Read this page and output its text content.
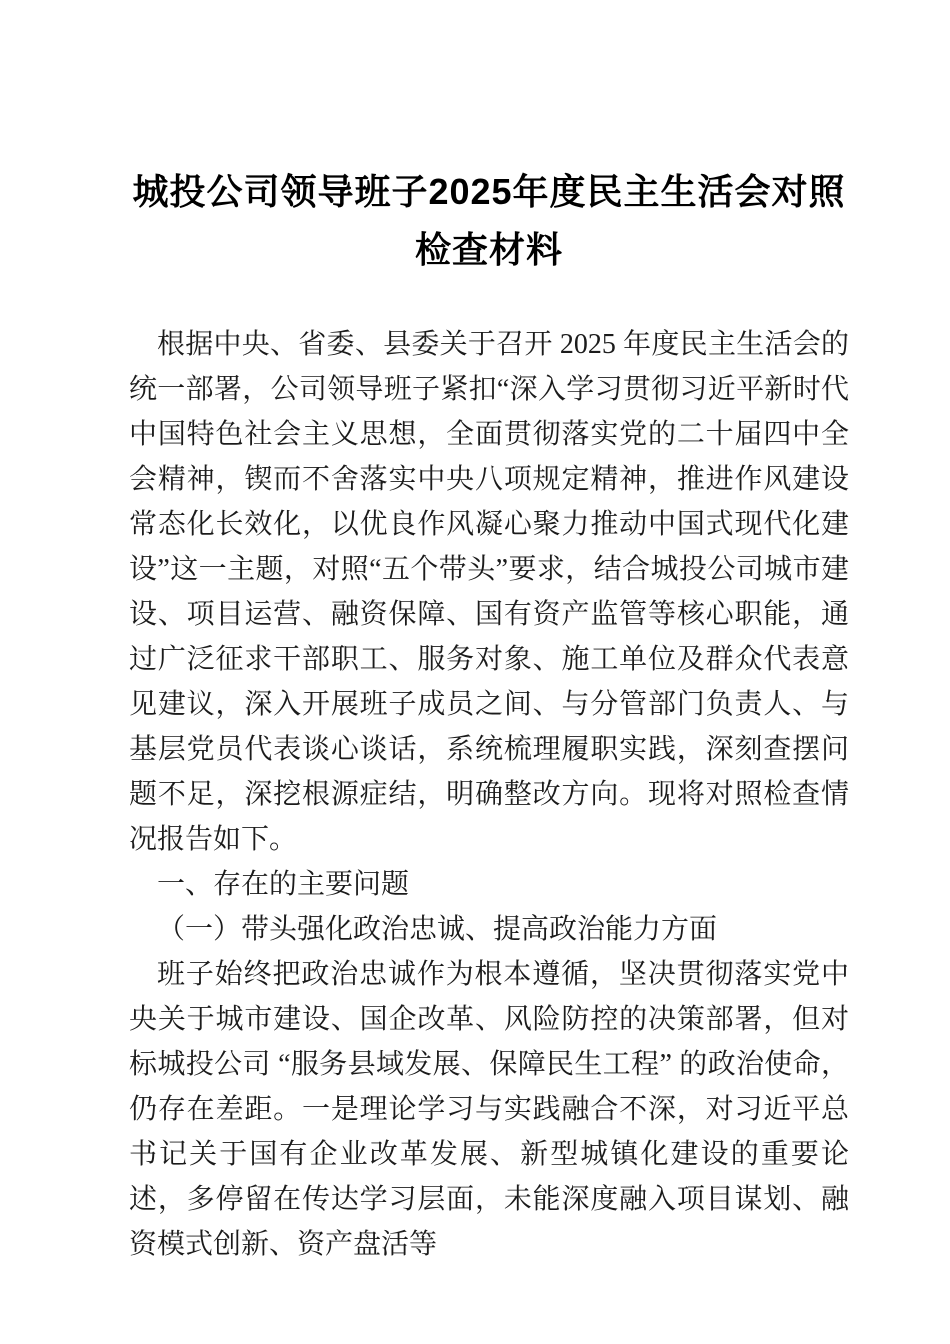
城投公司领导班子2025年度民主生活会对照
检查材料

根据中央、省委、县委关于召开 2025 年度民主生活会的统一部署，公司领导班子紧扣“深入学习贯彻习近平新时代中国特色社会主义思想，全面贯彻落实党的二十届四中全会精神，锲而不舍落实中央八项规定精神，推进作风建设常态化长效化，以优良作风凝心聚力推动中国式现代化建设”这一主题，对照“五个带头”要求，结合城投公司城市建设、项目运营、融资保障、国有资产监管等核心职能，通过广泛征求干部职工、服务对象、施工单位及群众代表意见建议，深入开展班子成员之间、与分管部门负责人、与基层党员代表谈心谈话，系统梳理履职实践，深刻查摆问题不足，深挖根源症结，明确整改方向。现将对照检查情况报告如下。

一、存在的主要问题

（一）带头强化政治忠诚、提高政治能力方面

班子始终把政治忠诚作为根本遵循，坚决贯彻落实党中央关于城市建设、国企改革、风险防控的决策部署，但对标城投公司 “服务县域发展、保障民生工程” 的政治使命，仍存在差距。一是理论学习与实践融合不深，对习近平总书记关于国有企业改革发展、新型城镇化建设的重要论述，多停留在传达学习层面，未能深度融入项目谋划、融资模式创新、资产盘活等
